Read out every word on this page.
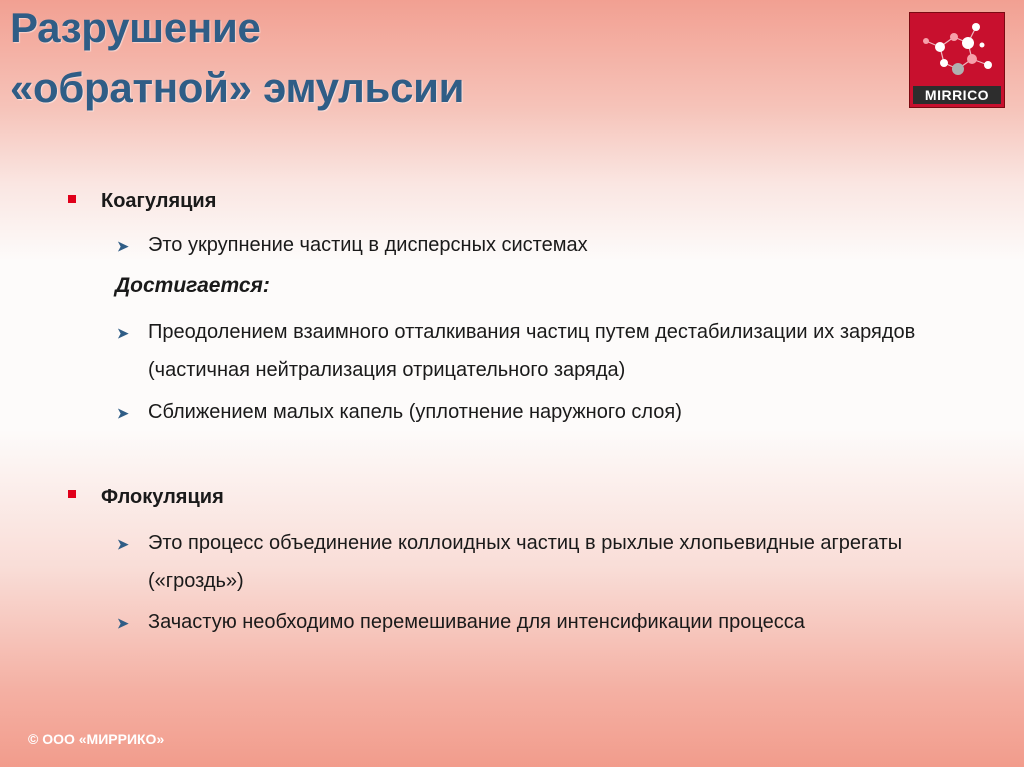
Разрушение
«обратной» эмульсии	MIRRICO
Коагуляция
➤ Это укрупнение частиц в дисперсных системах
Достигается:
➤ Преодолением взаимного отталкивания частиц путем дестабилизации их зарядов (частичная нейтрализация отрицательного заряда)
➤ Сближением малых капель (уплотнение наружного слоя)
Флокуляция
➤ Это процесс объединение коллоидных частиц в рыхлые хлопьевидные агрегаты («гроздь»)
➤ Зачастую необходимо перемешивание для интенсификации процесса
© ООО «МИРРИКО»
